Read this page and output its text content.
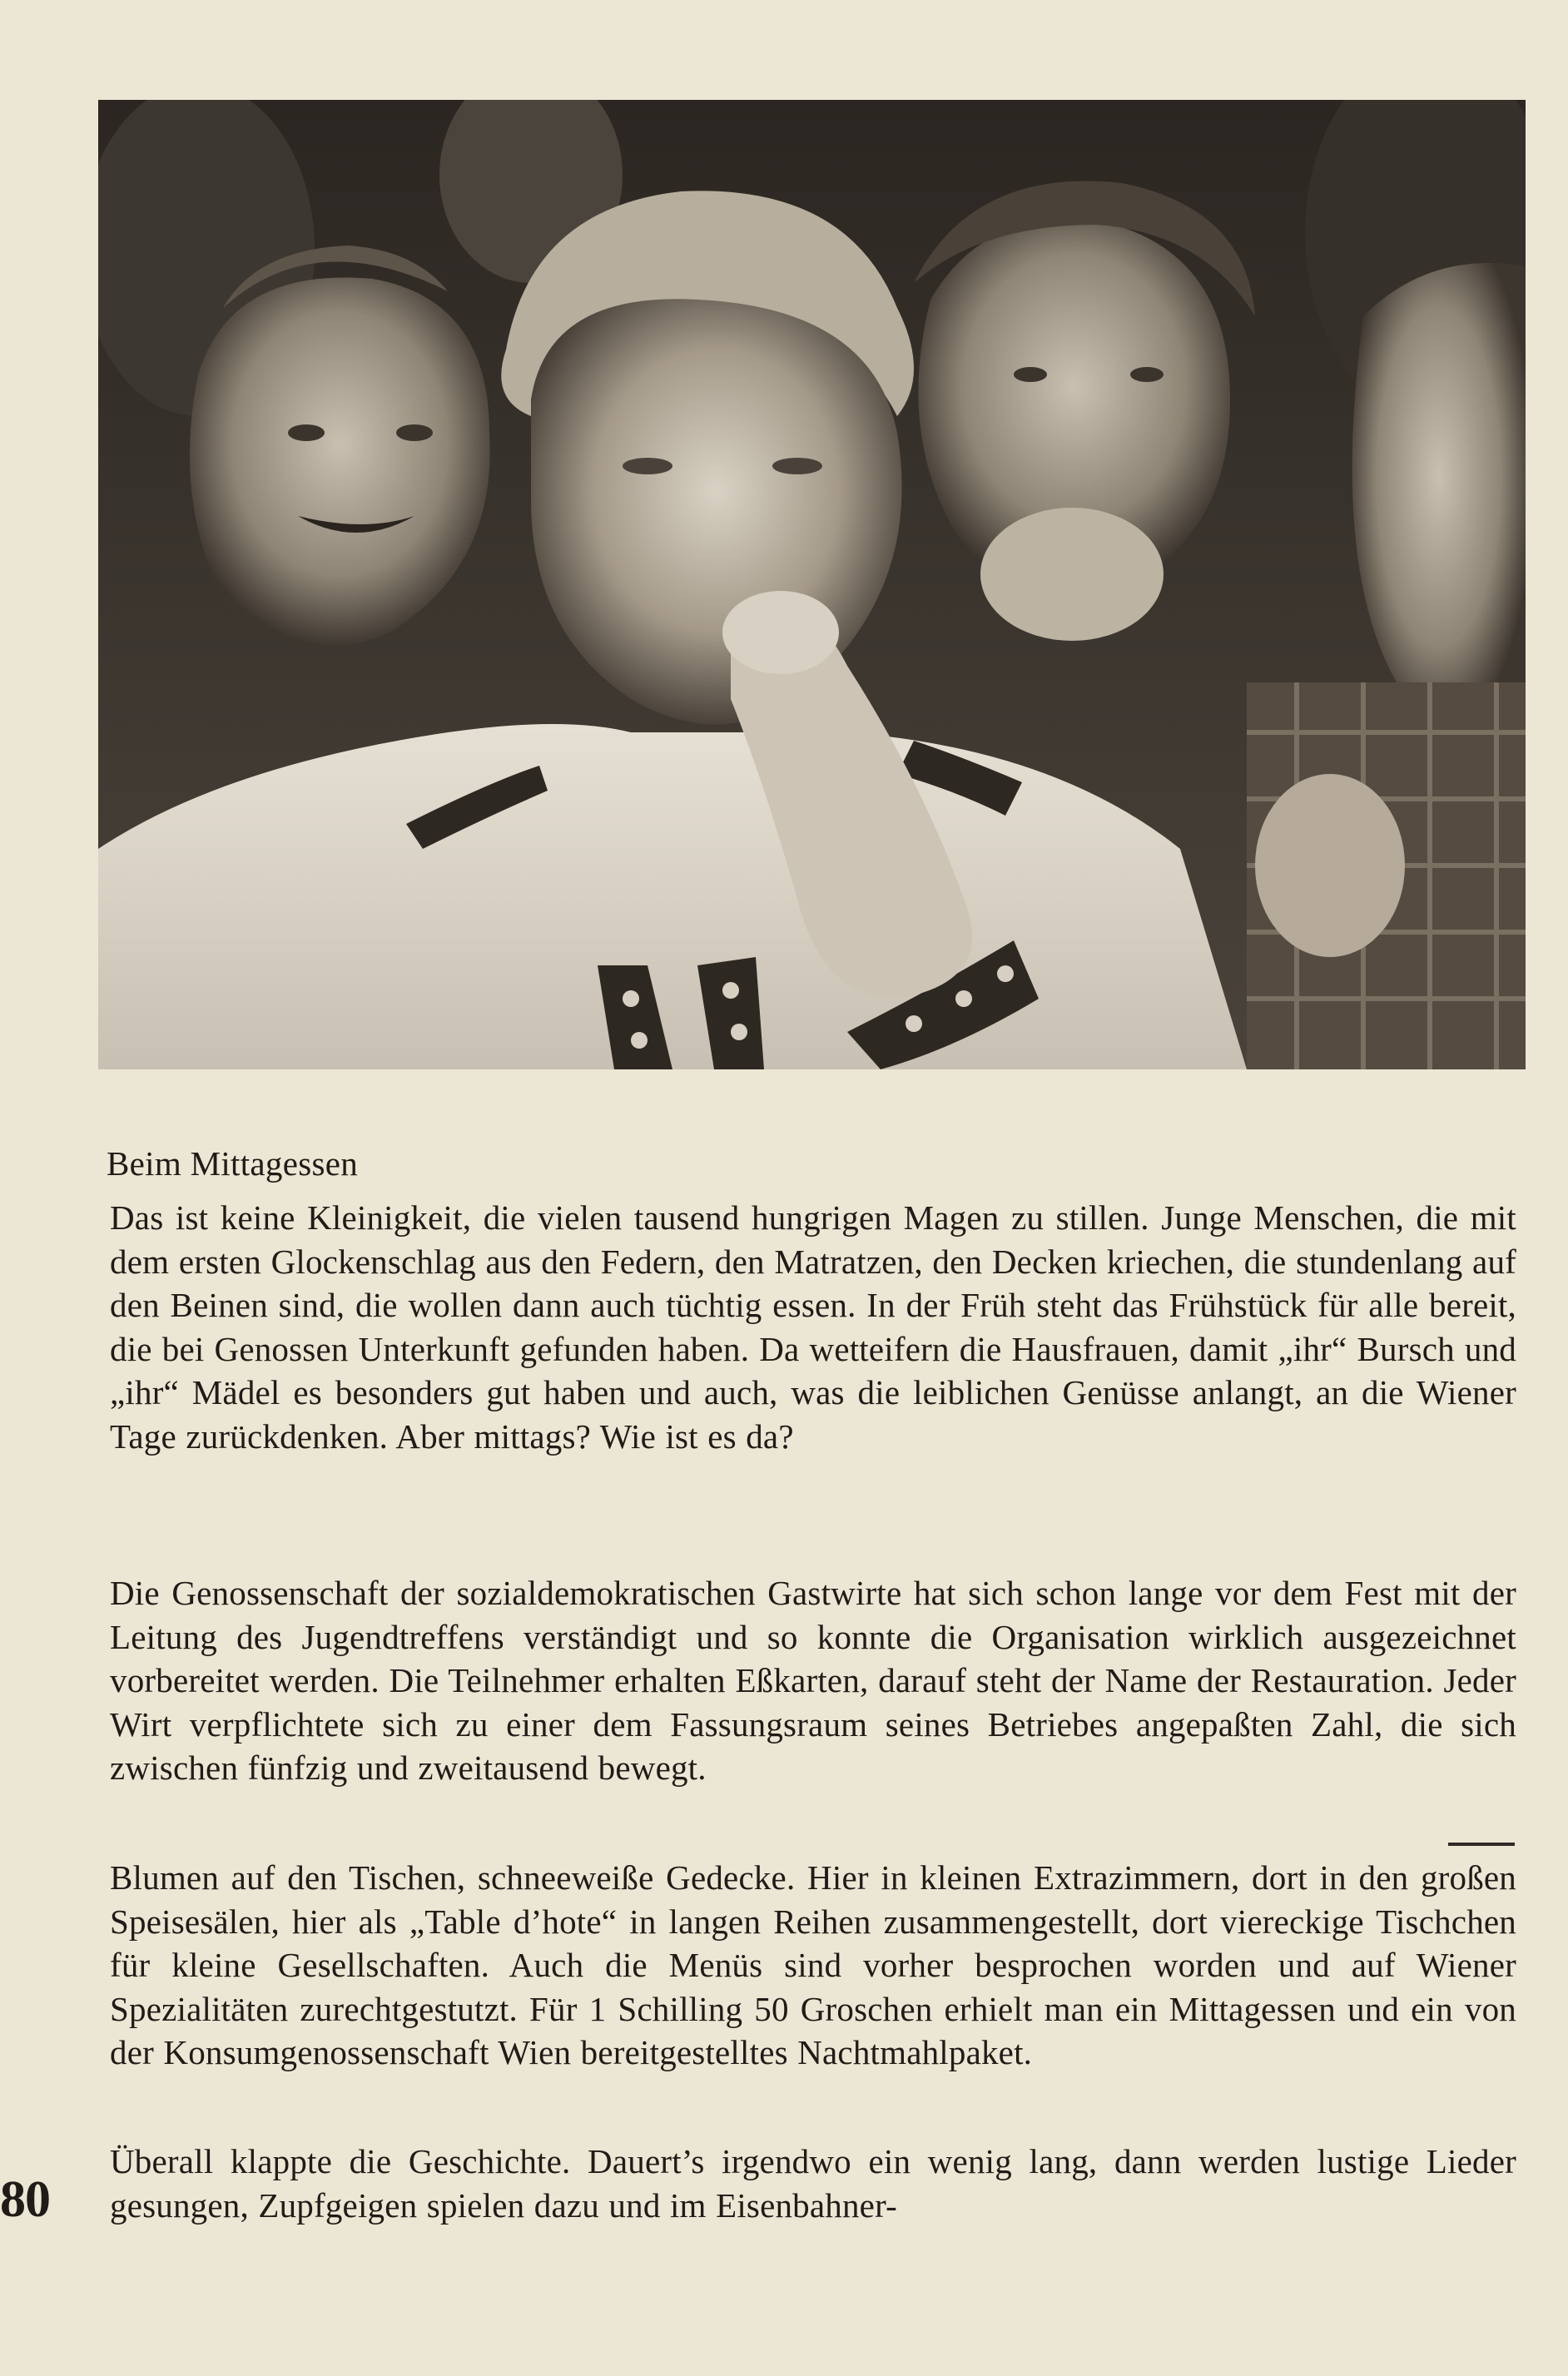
Beim Mittagessen
Das ist keine Kleinigkeit, die vielen tausend hungrigen Magen zu stillen. Junge Menschen, die mit dem ersten Glockenschlag aus den Federn, den Matratzen, den Decken kriechen, die stundenlang auf den Beinen sind, die wollen dann auch tüchtig essen. In der Früh steht das Frühstück für alle bereit, die bei Genossen Unterkunft gefunden haben. Da wetteifern die Hausfrauen, damit „ihr“ Bursch und „ihr“ Mädel es besonders gut haben und auch, was die leiblichen Genüsse anlangt, an die Wiener Tage zurückdenken. Aber mittags? Wie ist es da?
Die Genossenschaft der sozialdemokratischen Gastwirte hat sich schon lange vor dem Fest mit der Leitung des Jugendtreffens verständigt und so konnte die Organisation wirklich ausgezeichnet vorbereitet werden. Die Teilnehmer erhalten Eßkarten, darauf steht der Name der Restauration. Jeder Wirt verpflichtete sich zu einer dem Fassungsraum seines Betriebes angepaßten Zahl, die sich zwischen fünfzig und zweitausend bewegt.
Blumen auf den Tischen, schneeweiße Gedecke. Hier in kleinen Extrazimmern, dort in den großen Speisesälen, hier als „Table d’hote“ in langen Reihen zusammengestellt, dort viereckige Tischchen für kleine Gesellschaften. Auch die Menüs sind vorher besprochen worden und auf Wiener Spezialitäten zurechtgestutzt. Für 1 Schilling 50 Groschen erhielt man ein Mittagessen und ein von der Konsumgenossenschaft Wien bereitgestelltes Nachtmahlpaket.
Überall klappte die Geschichte. Dauert’s irgendwo ein wenig lang, dann werden lustige Lieder gesungen, Zupfgeigen spielen dazu und im Eisenbahner-
80
